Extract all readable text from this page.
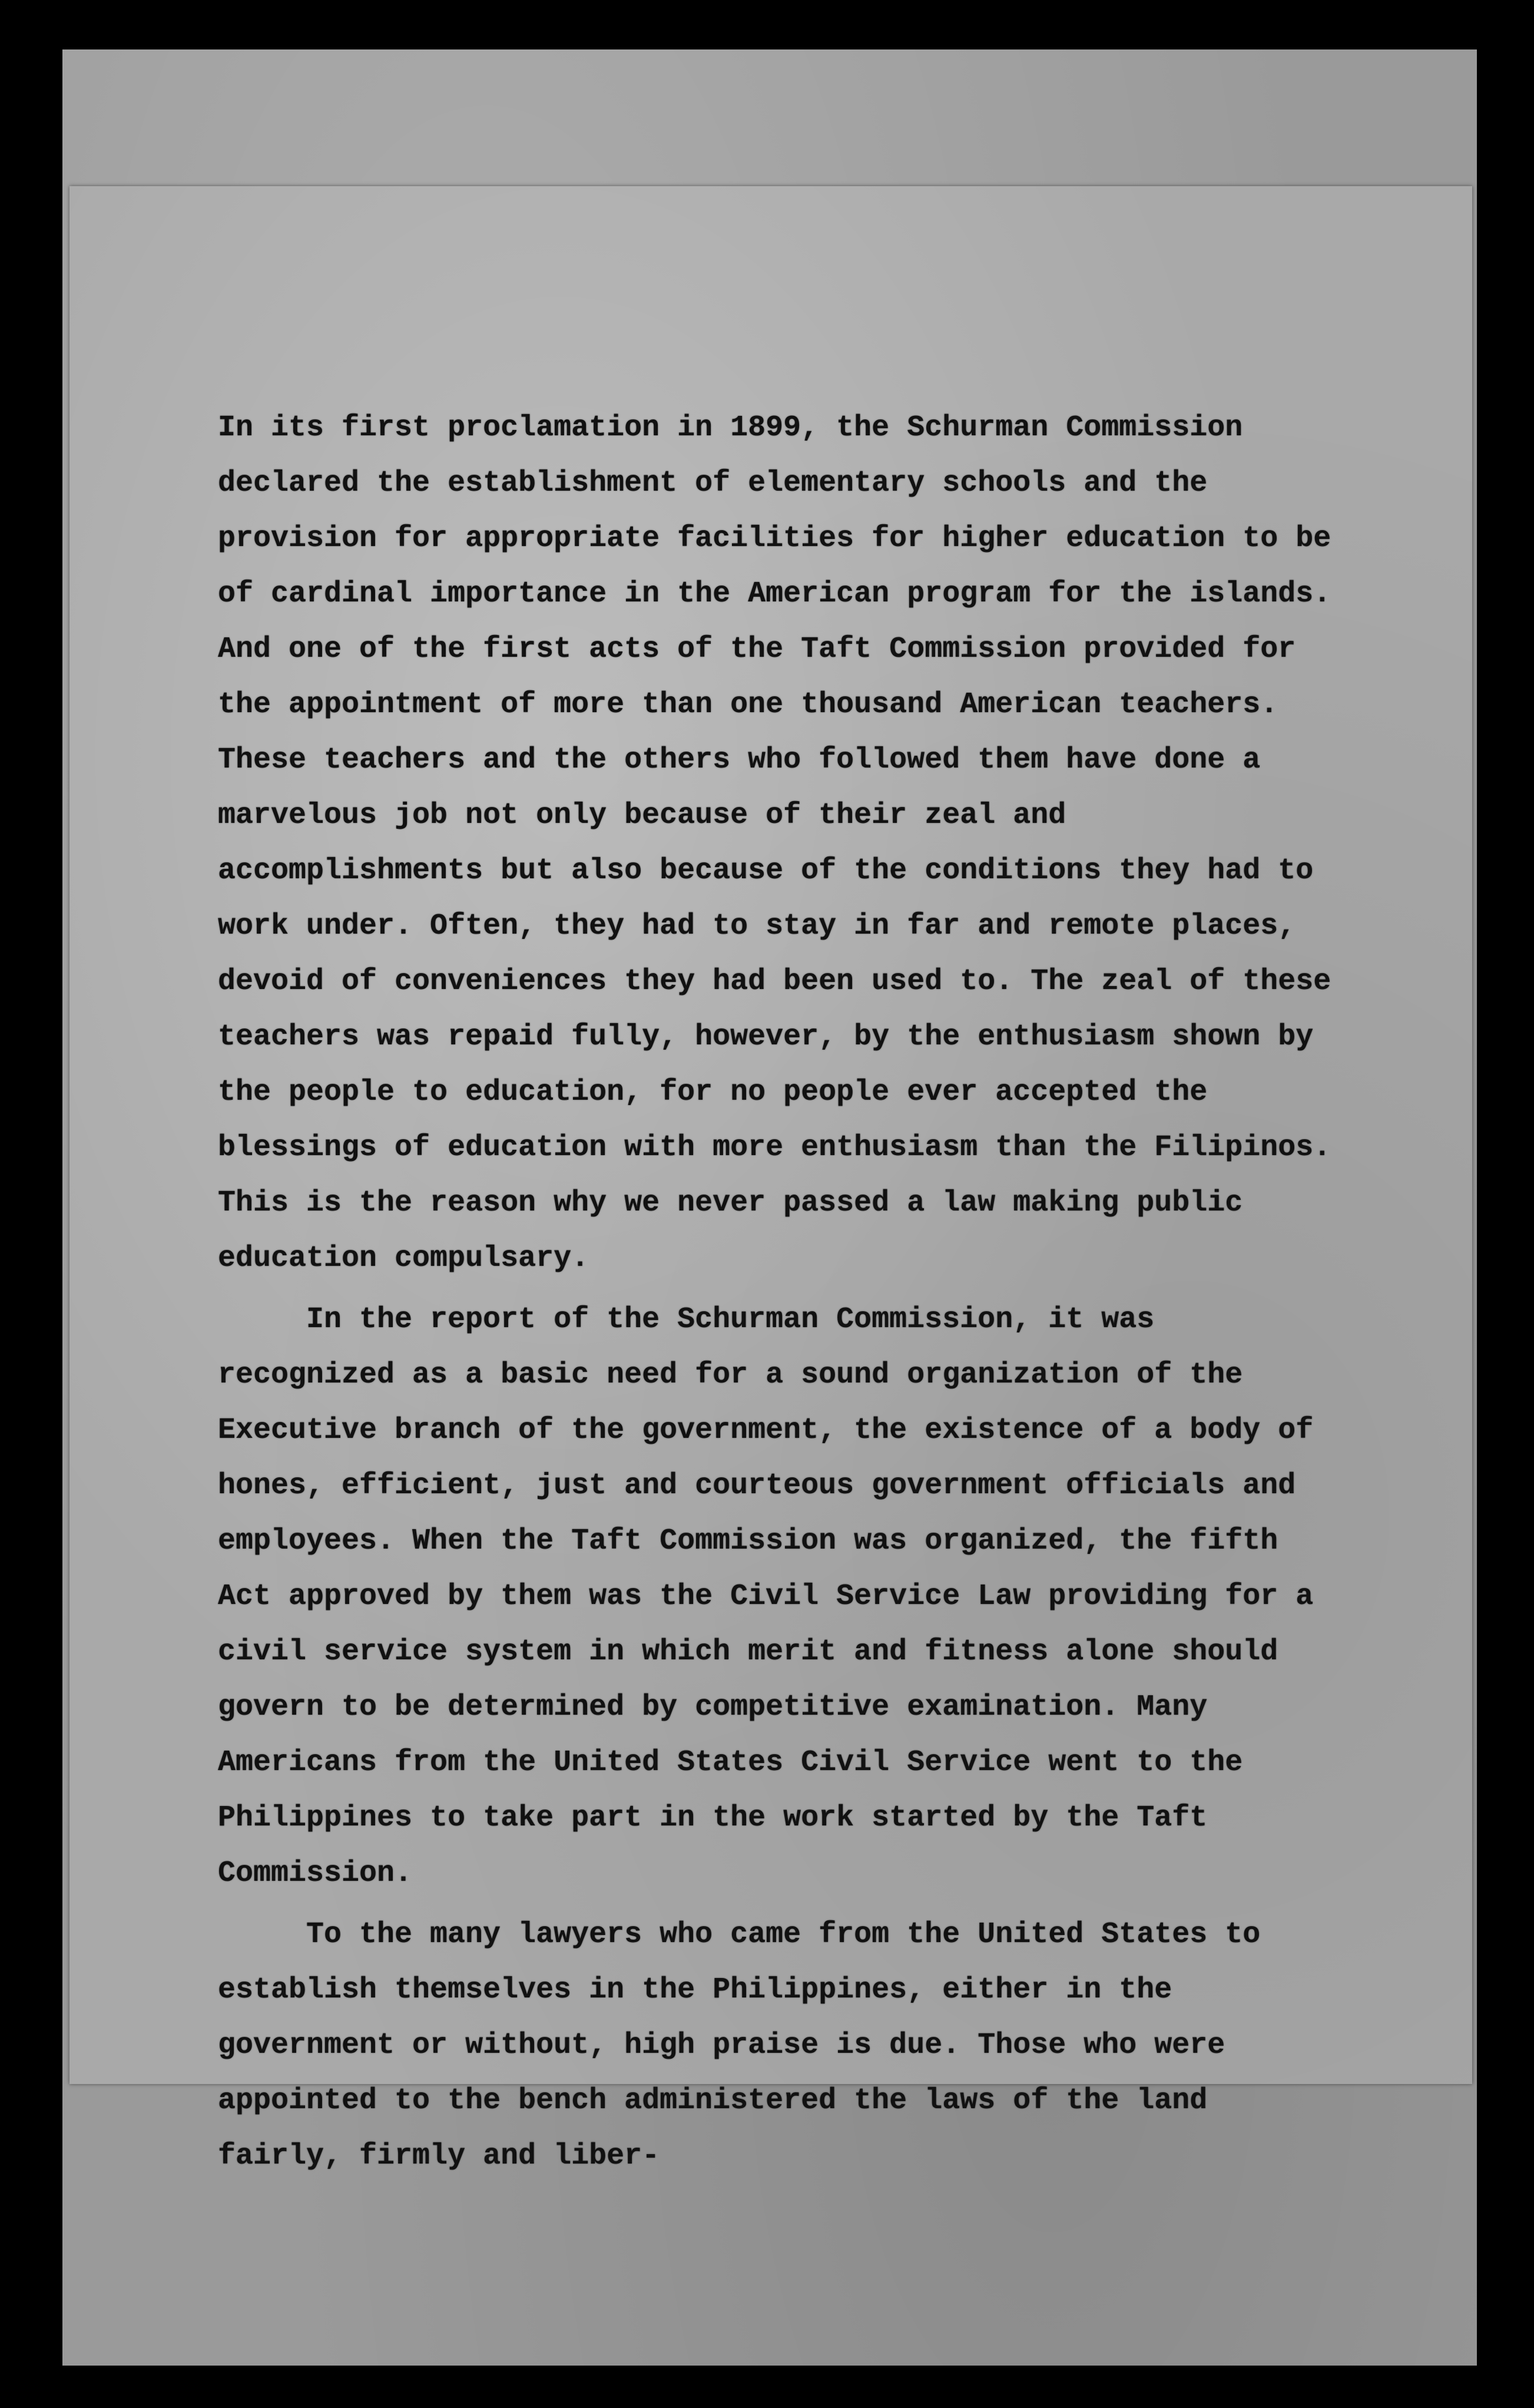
In its first proclamation in 1899, the Schurman Commission declared the establishment of elementary schools and the provision for appropriate facilities for higher education to be of cardinal importance in the American program for the islands. And one of the first acts of the Taft Commission provided for the appointment of more than one thousand American teachers. These teachers and the others who followed them have done a marvelous job not only because of their zeal and accomplishments but also because of the conditions they had to work under. Often, they had to stay in far and remote places, devoid of conveniences they had been used to. The zeal of these teachers was repaid fully, however, by the enthusiasm shown by the people to education, for no people ever accepted the blessings of education with more enthusiasm than the Filipinos. This is the reason why we never passed a law making public education compulsary.

In the report of the Schurman Commission, it was recognized as a basic need for a sound organization of the Executive branch of the government, the existence of a body of hones, efficient, just and courteous government officials and employees. When the Taft Commission was organized, the fifth Act approved by them was the Civil Service Law providing for a civil service system in which merit and fitness alone should govern to be determined by competitive examination. Many Americans from the United States Civil Service went to the Philippines to take part in the work started by the Taft Commission.

To the many lawyers who came from the United States to establish themselves in the Philippines, either in the government or without, high praise is due. Those who were appointed to the bench administered the laws of the land fairly, firmly and liber-
